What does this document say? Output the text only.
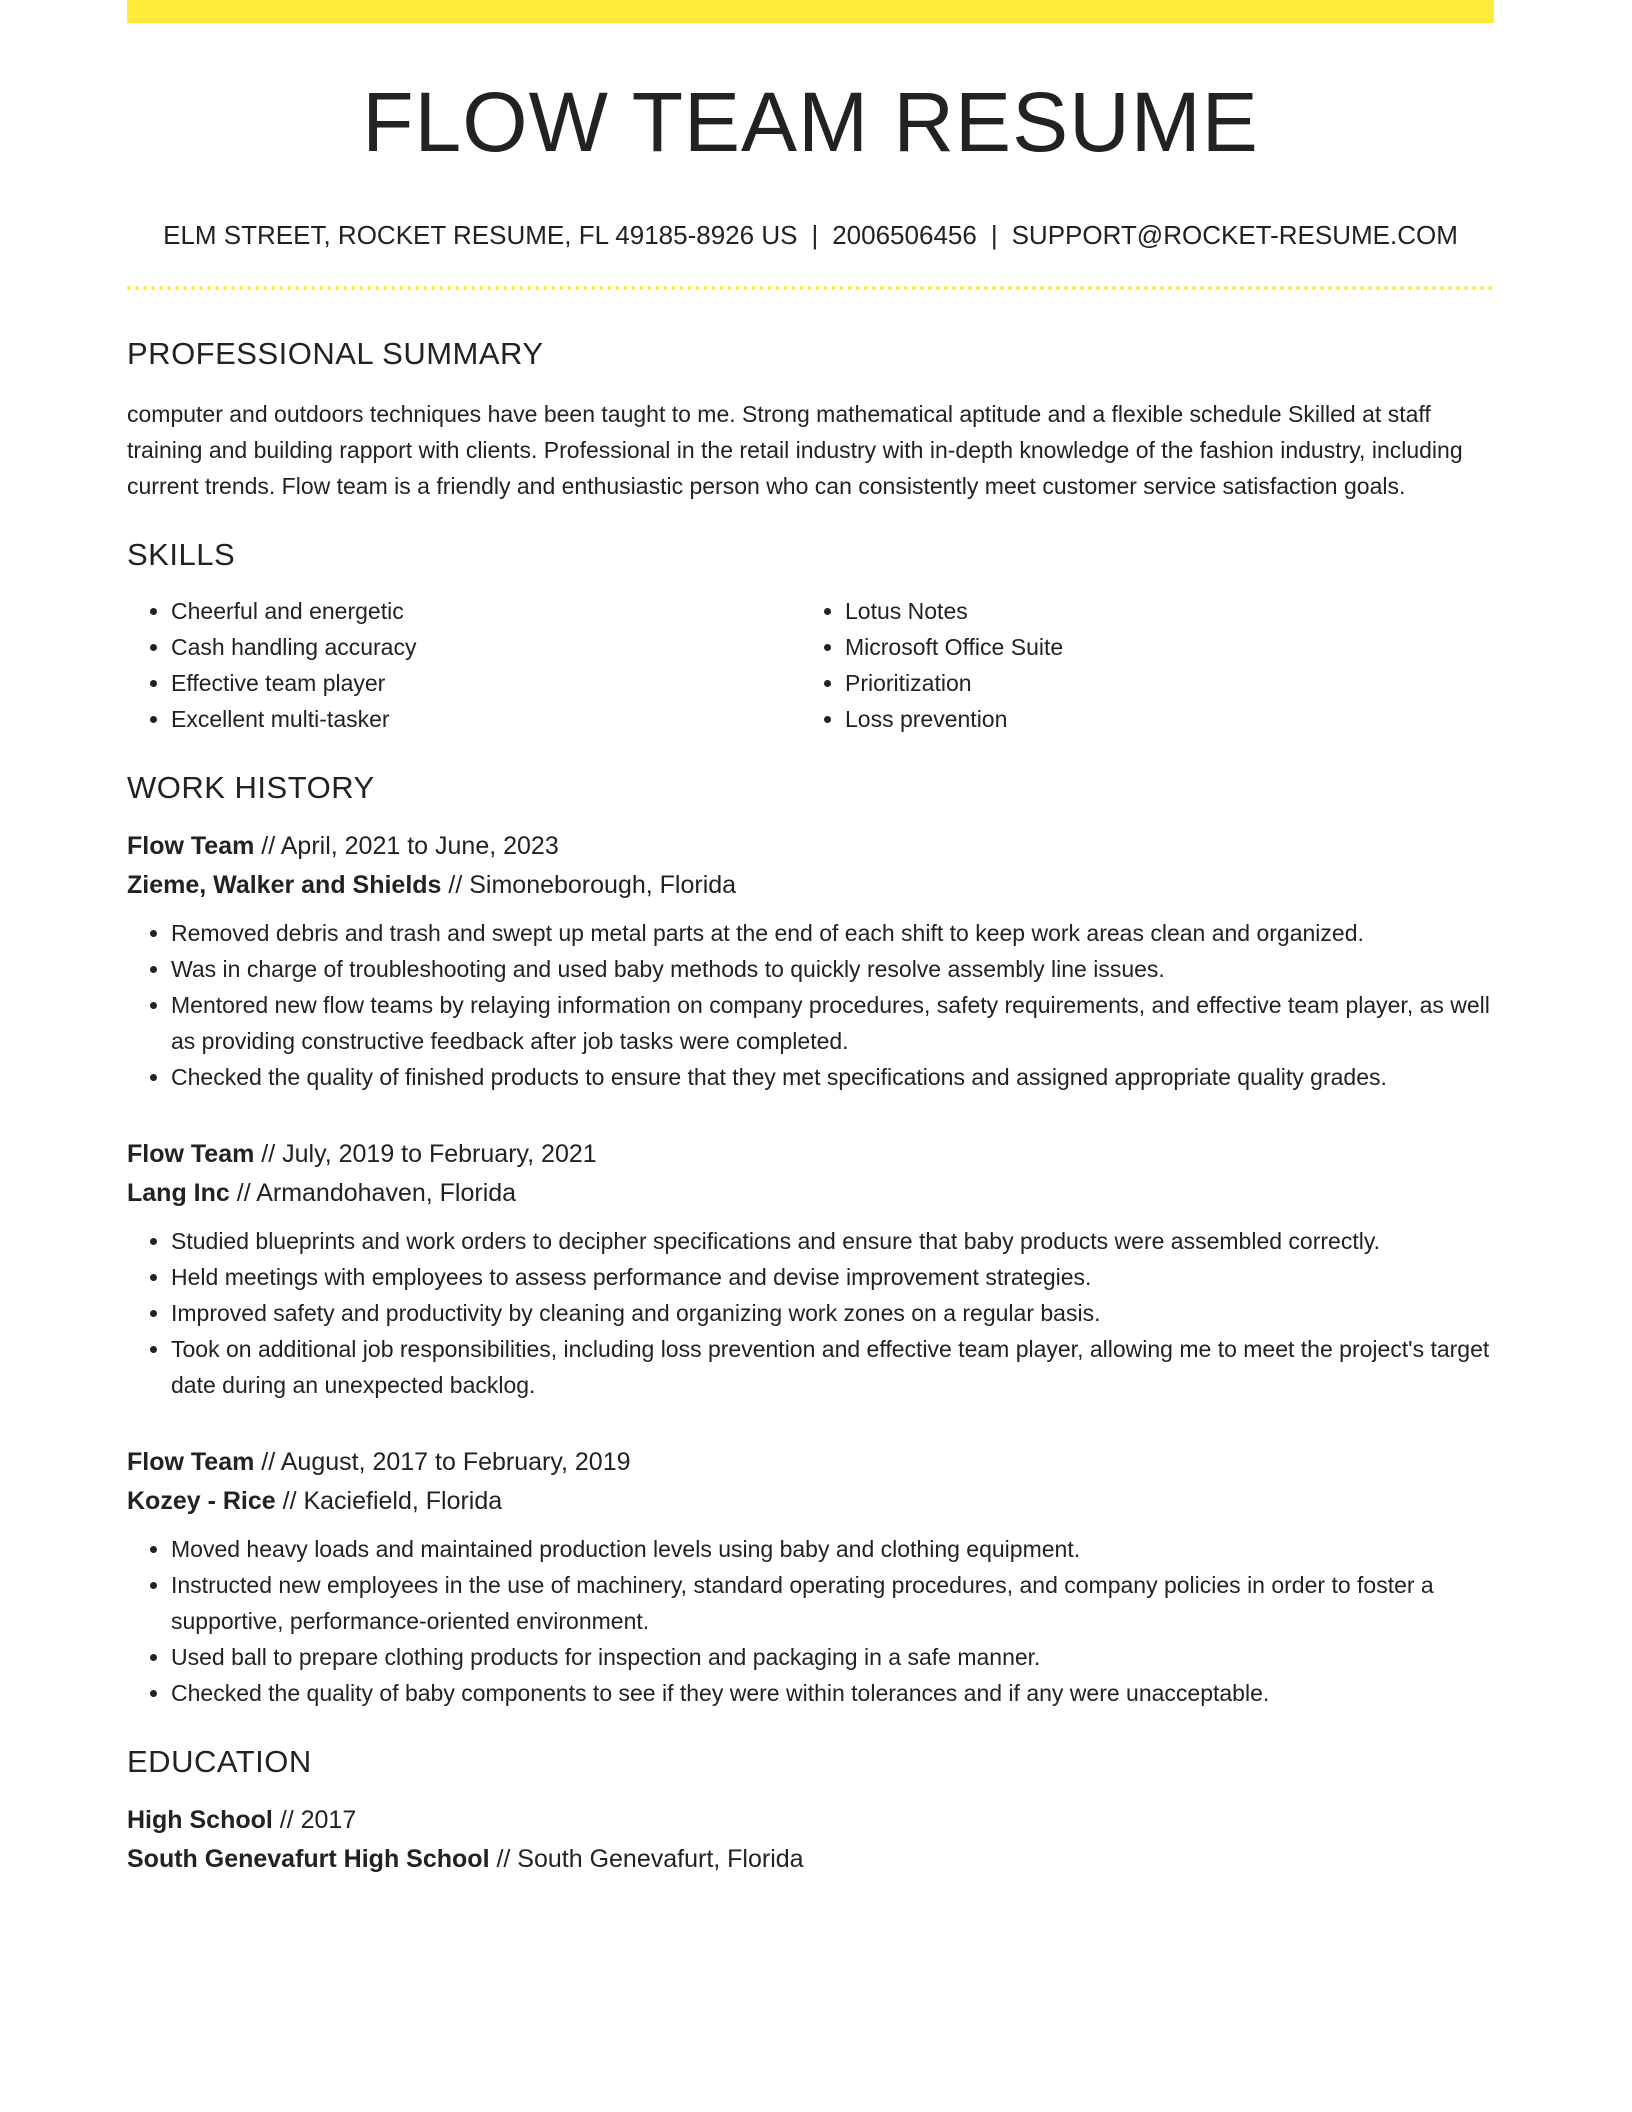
FLOW TEAM RESUME
ELM STREET, ROCKET RESUME, FL 49185-8926 US | 2006506456 | SUPPORT@ROCKET-RESUME.COM
PROFESSIONAL SUMMARY

computer and outdoors techniques have been taught to me. Strong mathematical aptitude and a flexible schedule Skilled at staff training and building rapport with clients. Professional in the retail industry with in-depth knowledge of the fashion industry, including current trends. Flow team is a friendly and enthusiastic person who can consistently meet customer service satisfaction goals.

SKILLS
• Cheerful and energetic
• Cash handling accuracy
• Effective team player
• Excellent multi-tasker
• Lotus Notes
• Microsoft Office Suite
• Prioritization
• Loss prevention
WORK HISTORY
Flow Team // April, 2021 to June, 2023
Zieme, Walker and Shields // Simoneborough, Florida
• Removed debris and trash and swept up metal parts at the end of each shift to keep work areas clean and organized.
• Was in charge of troubleshooting and used baby methods to quickly resolve assembly line issues.
• Mentored new flow teams by relaying information on company procedures, safety requirements, and effective team player, as well as providing constructive feedback after job tasks were completed.
• Checked the quality of finished products to ensure that they met specifications and assigned appropriate quality grades.
Flow Team // July, 2019 to February, 2021
Lang Inc // Armandohaven, Florida
• Studied blueprints and work orders to decipher specifications and ensure that baby products were assembled correctly.
• Held meetings with employees to assess performance and devise improvement strategies.
• Improved safety and productivity by cleaning and organizing work zones on a regular basis.
• Took on additional job responsibilities, including loss prevention and effective team player, allowing me to meet the project's target date during an unexpected backlog.
Flow Team // August, 2017 to February, 2019
Kozey - Rice // Kaciefield, Florida
• Moved heavy loads and maintained production levels using baby and clothing equipment.
• Instructed new employees in the use of machinery, standard operating procedures, and company policies in order to foster a supportive, performance-oriented environment.
• Used ball to prepare clothing products for inspection and packaging in a safe manner.
• Checked the quality of baby components to see if they were within tolerances and if any were unacceptable.
EDUCATION
High School // 2017
South Genevafurt High School // South Genevafurt, Florida
